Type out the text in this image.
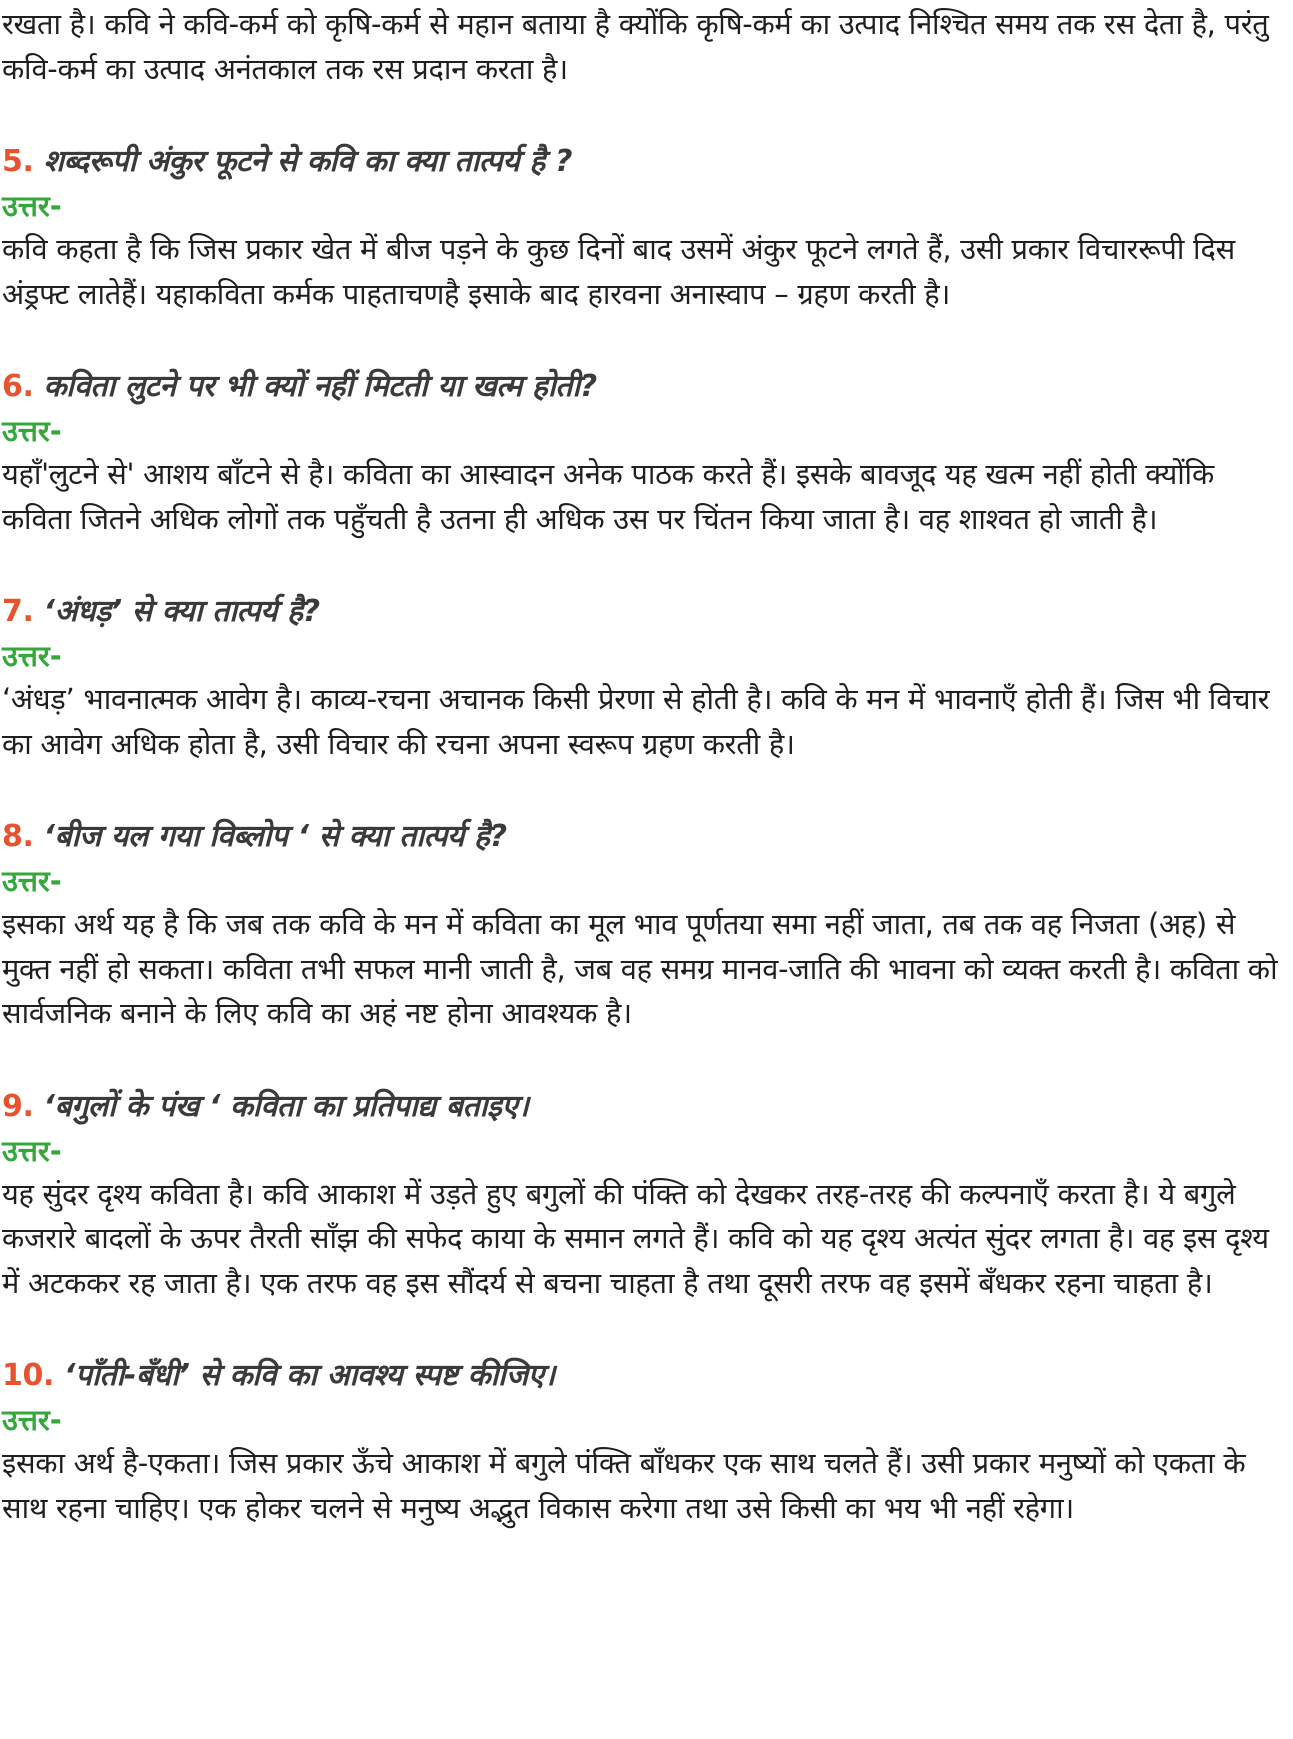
रखता है। कवि ने कवि-कर्म को कृषि-कर्म से महान बताया है क्योंकि कृषि-कर्म का उत्पाद निश्चित समय तक रस देता है, परंतु कवि-कर्म का उत्पाद अनंतकाल तक रस प्रदान करता है।

5. शब्दरूपी अंकुर फूटने से कवि का क्या तात्पर्य है ?

उत्तर-

कवि कहता है कि जिस प्रकार खेत में बीज पड़ने के कुछ दिनों बाद उसमें अंकुर फूटने लगते हैं, उसी प्रकार विचाररूपी दिस अंड्रफ्ट लातेहैं। यहाकविता कर्मक पाहताचणहै इसाके बाद हारवना अनास्वाप – ग्रहण करती है।

6. कविता लुटने पर भी क्यों नहीं मिटती या खत्म होती?

उत्तर-

यहाँ'लुटने से' आशय बाँटने से है। कविता का आस्वादन अनेक पाठक करते हैं। इसके बावजूद यह खत्म नहीं होती क्योंकि कविता जितने अधिक लोगों तक पहुँचती है उतना ही अधिक उस पर चिंतन किया जाता है। वह शाश्वत हो जाती है।

7. ‘अंधड़’ से क्या तात्पर्य है?

उत्तर-

‘अंधड़’ भावनात्मक आवेग है। काव्य-रचना अचानक किसी प्रेरणा से होती है। कवि के मन में भावनाएँ होती हैं। जिस भी विचार का आवेग अधिक होता है, उसी विचार की रचना अपना स्वरूप ग्रहण करती है।

8. ‘बीज यल गया विब्लोप ‘ से क्या तात्पर्य है?

उत्तर-

इसका अर्थ यह है कि जब तक कवि के मन में कविता का मूल भाव पूर्णतया समा नहीं जाता, तब तक वह निजता (अह) से मुक्त नहीं हो सकता। कविता तभी सफल मानी जाती है, जब वह समग्र मानव-जाति की भावना को व्यक्त करती है। कविता को सार्वजनिक बनाने के लिए कवि का अहं नष्ट होना आवश्यक है।

9. ‘बगुलों के पंख ‘ कविता का प्रतिपाद्य बताइए।

उत्तर-

यह सुंदर दृश्य कविता है। कवि आकाश में उड़ते हुए बगुलों की पंक्ति को देखकर तरह-तरह की कल्पनाएँ करता है। ये बगुले कजरारे बादलों के ऊपर तैरती साँझ की सफेद काया के समान लगते हैं। कवि को यह दृश्य अत्यंत सुंदर लगता है। वह इस दृश्य में अटककर रह जाता है। एक तरफ वह इस सौंदर्य से बचना चाहता है तथा दूसरी तरफ वह इसमें बँधकर रहना चाहता है।

10. ‘पाँती-बँधी’ से कवि का आवश्य स्पष्ट कीजिए।

उत्तर-

इसका अर्थ है-एकता। जिस प्रकार ऊँचे आकाश में बगुले पंक्ति बाँधकर एक साथ चलते हैं। उसी प्रकार मनुष्यों को एकता के साथ रहना चाहिए। एक होकर चलने से मनुष्य अद्भुत विकास करेगा तथा उसे किसी का भय भी नहीं रहेगा।
